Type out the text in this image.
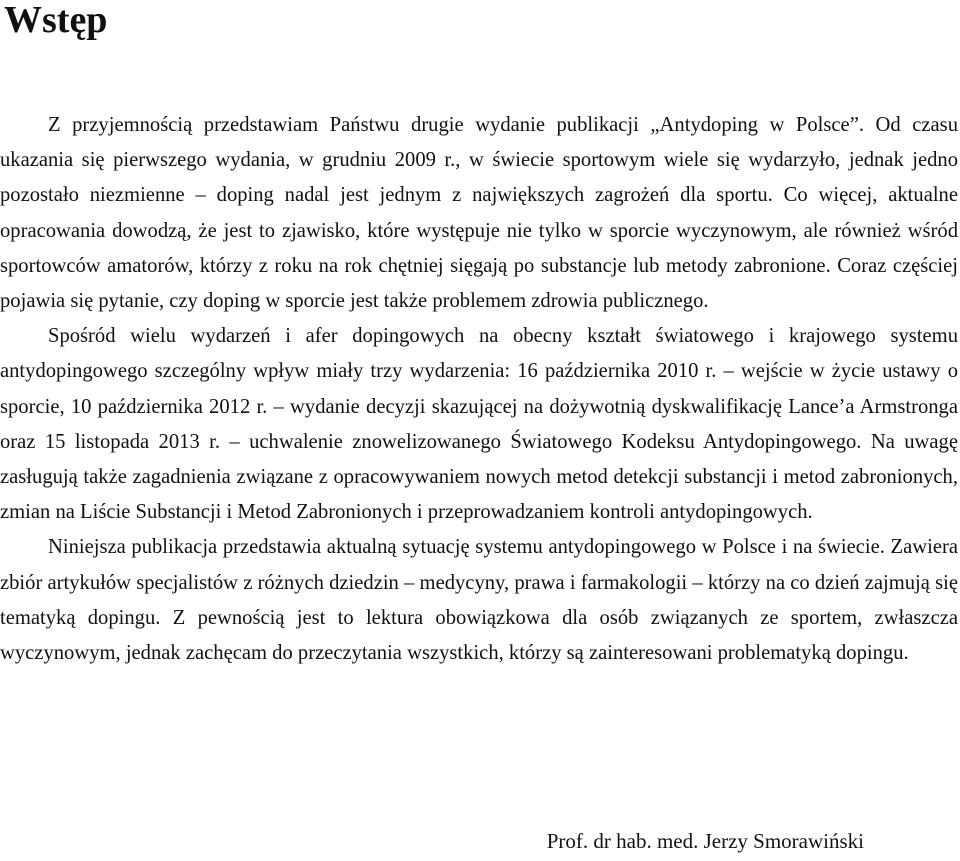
Wstęp

Z przyjemnością przedstawiam Państwu drugie wydanie publikacji „Antydoping w Polsce”. Od czasu ukazania się pierwszego wydania, w grudniu 2009 r., w świecie sportowym wiele się wydarzyło, jednak jedno pozostało niezmienne – doping nadal jest jednym z największych zagrożeń dla sportu. Co więcej, aktualne opracowania dowodzą, że jest to zjawisko, które występuje nie tylko w sporcie wyczynowym, ale również wśród sportowców amatorów, którzy z roku na rok chętniej sięgają po substancje lub metody zabronione. Coraz częściej pojawia się pytanie, czy doping w sporcie jest także problemem zdrowia publicznego.

Spośród wielu wydarzeń i afer dopingowych na obecny kształt światowego i krajowego systemu antydopingowego szczególny wpływ miały trzy wydarzenia: 16 października 2010 r. – wejście w życie ustawy o sporcie, 10 października 2012 r. – wydanie decyzji skazującej na dożywotnią dyskwalifikację Lance’a Armstronga oraz 15 listopada 2013 r. – uchwalenie znowelizowanego Światowego Kodeksu Antydopingowego. Na uwagę zasługują także zagadnienia związane z opracowywaniem nowych metod detekcji substancji i metod zabronionych, zmian na Liście Substancji i Metod Zabronionych i przeprowadzaniem kontroli antydopingowych.

Niniejsza publikacja przedstawia aktualną sytuację systemu antydopingowego w Polsce i na świecie. Zawiera zbiór artykułów specjalistów z różnych dziedzin – medycyny, prawa i farmakologii – którzy na co dzień zajmują się tematyką dopingu. Z pewnością jest to lektura obowiązkowa dla osób związanych ze sportem, zwłaszcza wyczynowym, jednak zachęcam do przeczytania wszystkich, którzy są zainteresowani problematyką dopingu.

Prof. dr hab. med. Jerzy Smorawiński
